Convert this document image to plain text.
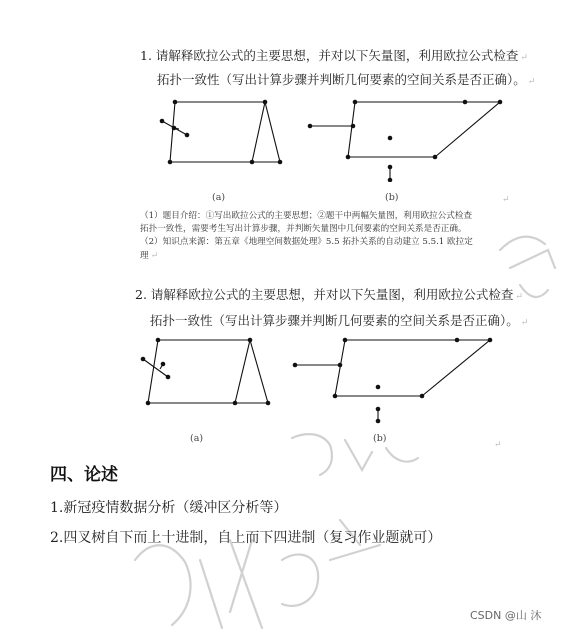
1. 请解释欧拉公式的主要思想，并对以下矢量图，利用欧拉公式检查 ↵
拓扑一致性（写出计算步骤并判断几何要素的空间关系是否正确）。 ↵
(a)	(b)	↵
（1）题目介绍：①写出欧拉公式的主要思想；②题干中两幅矢量图，利用欧拉公式检查
拓扑一致性，需要考生写出计算步骤，并判断矢量图中几何要素的空间关系是否正确。
（2）知识点来源：第五章《地理空间数据处理》5.5 拓扑关系的自动建立 5.5.1 欧拉定
理 ↵
2. 请解释欧拉公式的主要思想，并对以下矢量图，利用欧拉公式检查 ↵
拓扑一致性（写出计算步骤并判断几何要素的空间关系是否正确）。 ↵
(a)	(b)
↵
四、论述
1.新冠疫情数据分析（缓冲区分析等）
2.四叉树自下而上十进制，自上而下四进制（复习作业题就可）
CSDN @山 沐
